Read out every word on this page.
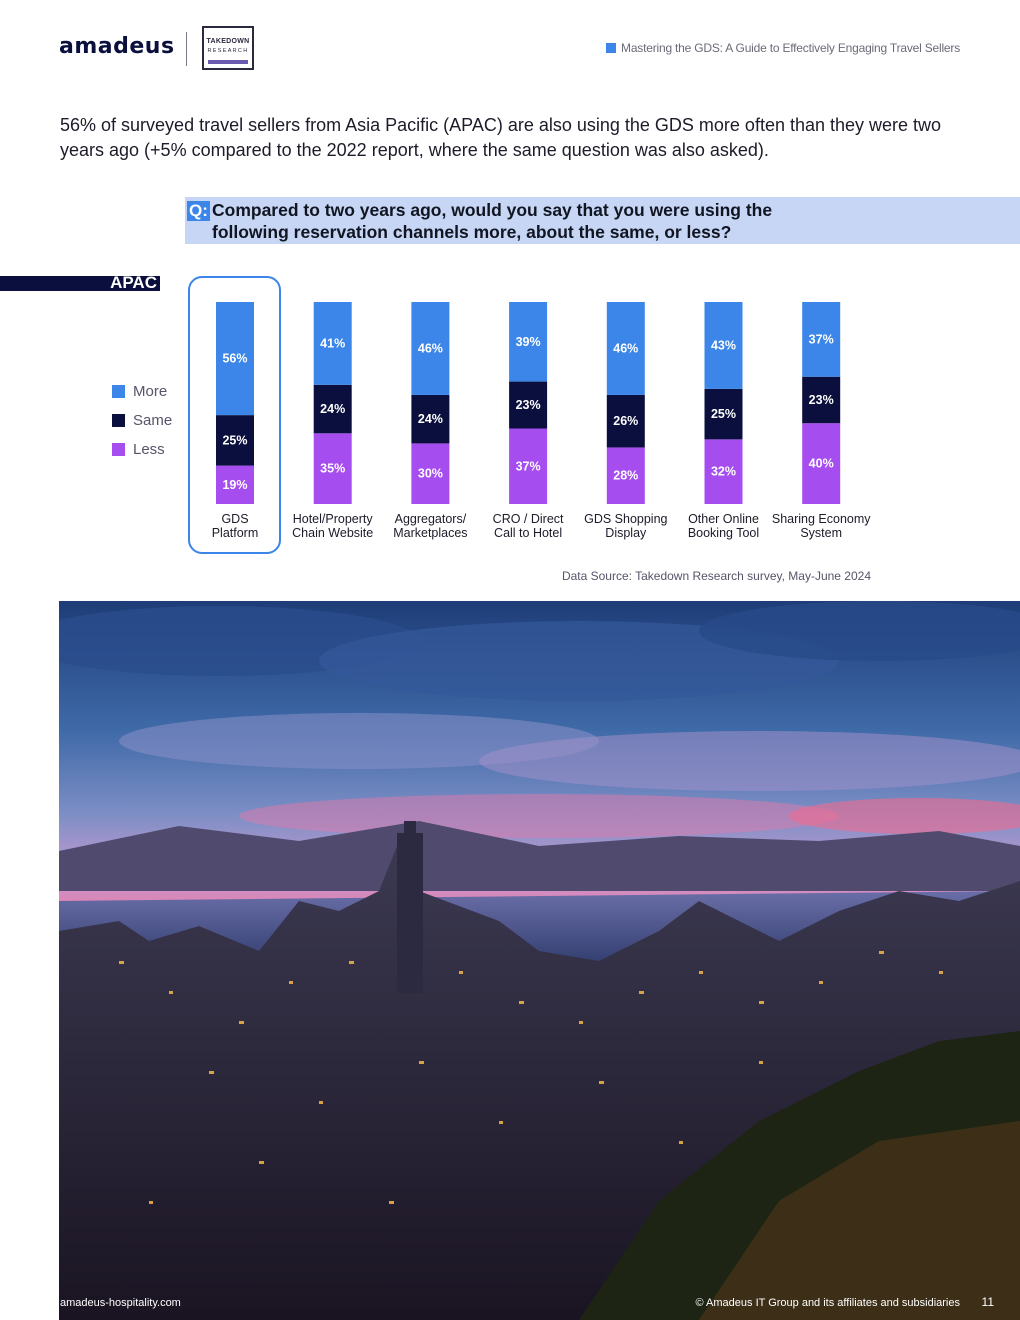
amadeus	TAKEDOWN
RESEARCH	Mastering the GDS: A Guide to Effectively Engaging Travel Sellers
56% of surveyed travel sellers from Asia Pacific (APAC) are also using the GDS more often than they were two years ago (+5% compared to the 2022 report, where the same question was also asked).
Q: Compared to two years ago, would you say that you were using the
following reservation channels more, about the same, or less?
APAC
More
Same
Less
19%
25%
56%
GDS
Platform
35%
24%
41%
Hotel/Property
Chain Website
30%
24%
46%
Aggregators/
Marketplaces
37%
23%
39%
CRO / Direct
Call to Hotel
28%
26%
46%
GDS Shopping
Display
32%
25%
43%
Other Online
Booking Tool
40%
23%
37%
Sharing Economy
System
Data Source: Takedown Research survey, May-June 2024
amadeus-hospitality.com	© Amadeus IT Group and its affiliates and subsidiaries 11
